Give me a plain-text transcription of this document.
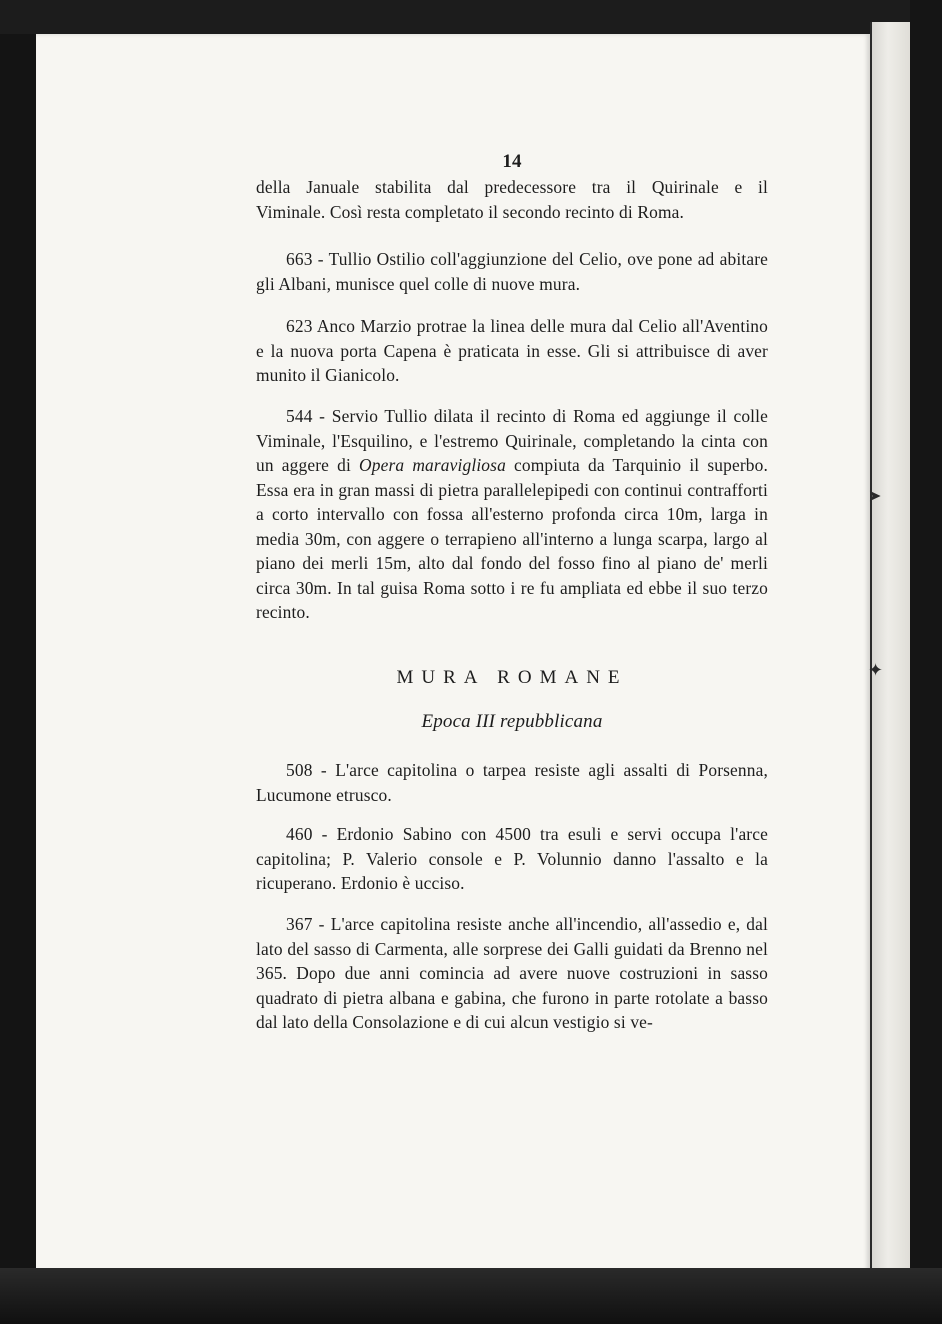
➤
✦
14

della Januale stabilita dal predecessore tra il Quirinale e il

Viminale. Così resta completato il secondo recinto di Roma.

663 - Tullio Ostilio coll'aggiunzione del Celio, ove pone ad abitare gli Albani, munisce quel colle di nuove mura.

623 Anco Marzio protrae la linea delle mura dal Celio all'Aventino e la nuova porta Capena è praticata in esse. Gli si attribuisce di aver munito il Gianicolo.

544 - Servio Tullio dilata il recinto di Roma ed aggiunge il colle Viminale, l'Esquilino, e l'estremo Quirinale, completando la cinta con un aggere di Opera maravigliosa compiuta da Tarquinio il superbo. Essa era in gran massi di pietra parallelepipedi con continui contrafforti a corto intervallo con fossa all'esterno profonda circa 10m, larga in media 30m, con aggere o terrapieno all'interno a lunga scarpa, largo al piano dei merli 15m, alto dal fondo del fosso fino al piano de' merli circa 30m. In tal guisa Roma sotto i re fu ampliata ed ebbe il suo terzo recinto.

MURA ROMANE
Epoca III repubblicana

508 - L'arce capitolina o tarpea resiste agli assalti di Porsenna, Lucumone etrusco.

460 - Erdonio Sabino con 4500 tra esuli e servi occupa l'arce capitolina; P. Valerio console e P. Volunnio danno l'assalto e la ricuperano. Erdonio è ucciso.

367 - L'arce capitolina resiste anche all'incendio, all'assedio e, dal lato del sasso di Carmenta, alle sorprese dei Galli guidati da Brenno nel 365. Dopo due anni comincia ad avere nuove costruzioni in sasso quadrato di pietra albana e gabina, che furono in parte rotolate a basso dal lato della Consolazione e di cui alcun vestigio si ve-
